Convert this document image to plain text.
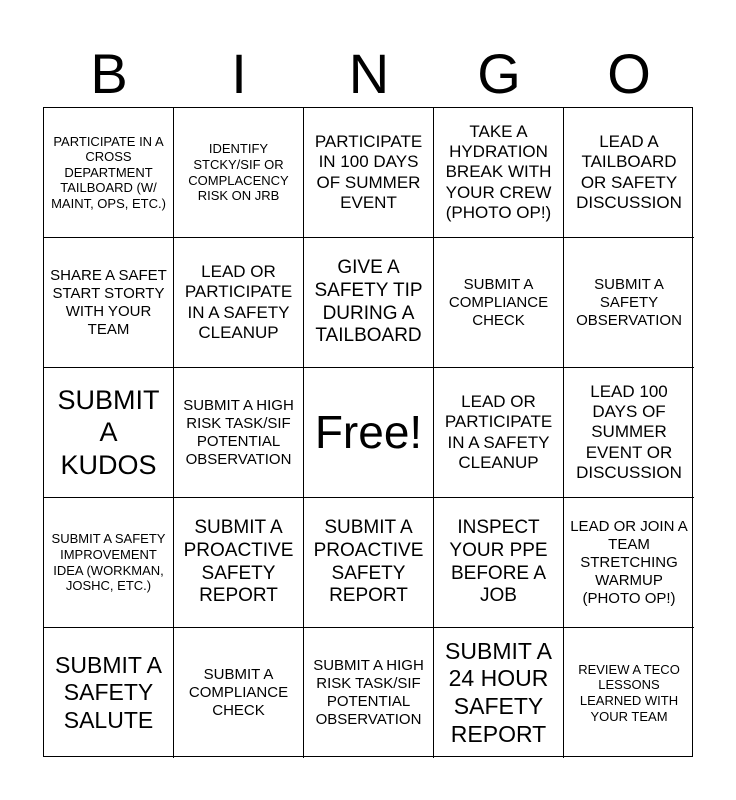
B	I	N	G	O
PARTICIPATE IN A CROSS DEPARTMENT TAILBOARD (W/ MAINT, OPS, ETC.)
IDENTIFY STCKY/SIF OR COMPLACENCY RISK ON JRB
PARTICIPATE IN 100 DAYS OF SUMMER EVENT
TAKE A HYDRATION BREAK WITH YOUR CREW (PHOTO OP!)
LEAD A TAILBOARD OR SAFETY DISCUSSION
SHARE A SAFET START STORTY WITH YOUR TEAM
LEAD OR PARTICIPATE IN A SAFETY CLEANUP
GIVE A SAFETY TIP DURING A TAILBOARD
SUBMIT A COMPLIANCE CHECK
SUBMIT A SAFETY OBSERVATION
SUBMIT A KUDOS
SUBMIT A HIGH RISK TASK/SIF POTENTIAL OBSERVATION
Free!
LEAD OR PARTICIPATE IN A SAFETY CLEANUP
LEAD 100 DAYS OF SUMMER EVENT OR DISCUSSION
SUBMIT A SAFETY IMPROVEMENT IDEA (WORKMAN, JOSHC, ETC.)
SUBMIT A PROACTIVE SAFETY REPORT
SUBMIT A PROACTIVE SAFETY REPORT
INSPECT YOUR PPE BEFORE A JOB
LEAD OR JOIN A TEAM STRETCHING WARMUP (PHOTO OP!)
SUBMIT A SAFETY SALUTE
SUBMIT A COMPLIANCE CHECK
SUBMIT A HIGH RISK TASK/SIF POTENTIAL OBSERVATION
SUBMIT A 24 HOUR SAFETY REPORT
REVIEW A TECO LESSONS LEARNED WITH YOUR TEAM
